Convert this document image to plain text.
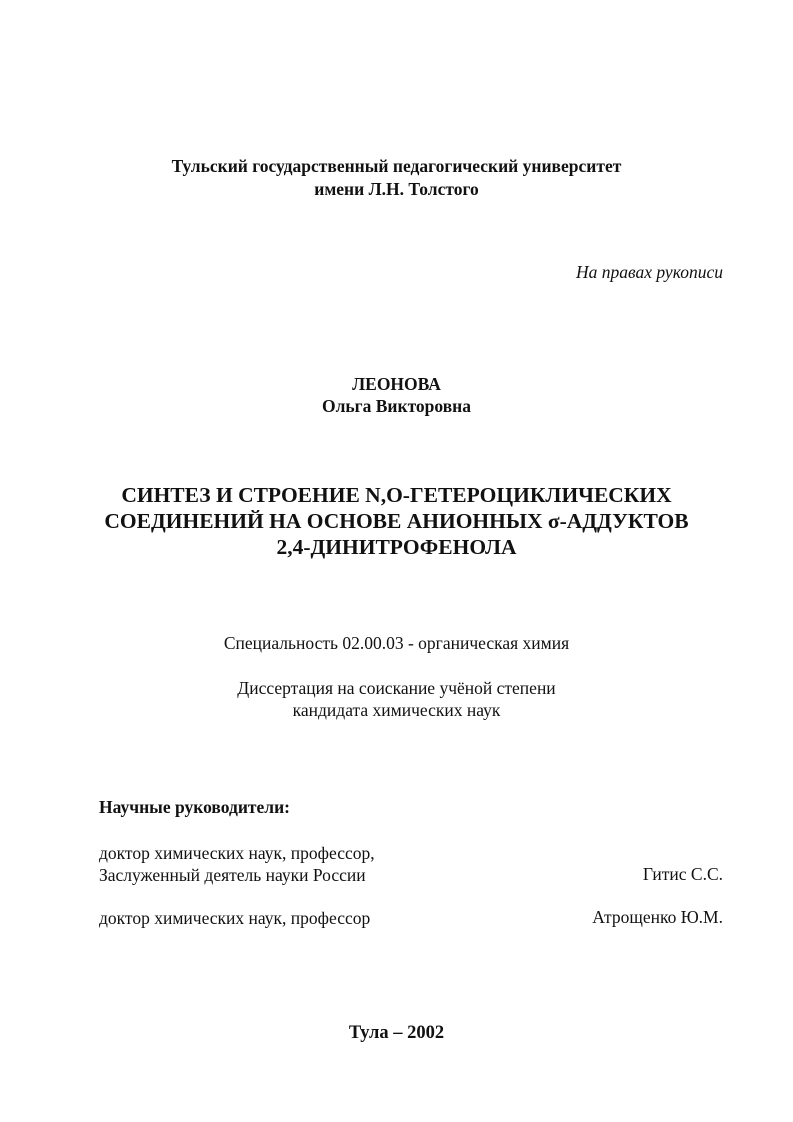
Тульский государственный педагогический университет
имени Л.Н. Толстого
На правах рукописи
ЛЕОНОВА
Ольга Викторовна
СИНТЕЗ И СТРОЕНИЕ N,O-ГЕТЕРОЦИКЛИЧЕСКИХ
СОЕДИНЕНИЙ НА ОСНОВЕ АНИОННЫХ σ-АДДУКТОВ
2,4-ДИНИТРОФЕНОЛА
Специальность 02.00.03 - органическая химия
Диссертация на соискание учёной степени
кандидата химических наук
Научные руководители:
доктор химических наук, профессор,
Заслуженный деятель науки России	Гитис С.С.
доктор химических наук, профессор	Атрощенко Ю.М.
Тула – 2002
